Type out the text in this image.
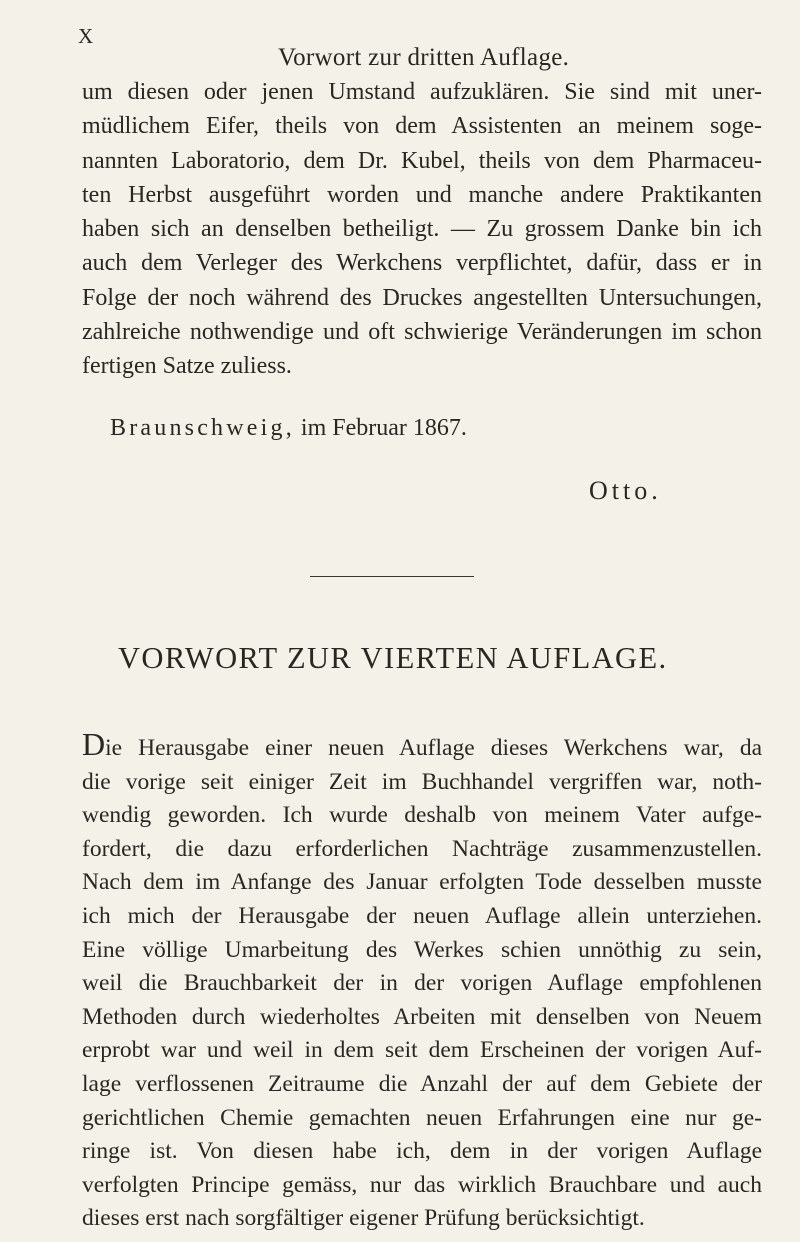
X
Vorwort zur dritten Auflage.
um diesen oder jenen Umstand aufzuklären. Sie sind mit uner-
müdlichem Eifer, theils von dem Assistenten an meinem soge-
nannten Laboratorio, dem Dr. Kubel, theils von dem Pharmaceu-
ten Herbst ausgeführt worden und manche andere Praktikanten
haben sich an denselben betheiligt. — Zu grossem Danke bin ich
auch dem Verleger des Werkchens verpflichtet, dafür, dass er in
Folge der noch während des Druckes angestellten Untersuchungen,
zahlreiche nothwendige und oft schwierige Veränderungen im schon
fertigen Satze zuliess.
Braunschweig, im Februar 1867.
Otto.
VORWORT ZUR VIERTEN AUFLAGE.
Die Herausgabe einer neuen Auflage dieses Werkchens war, da
die vorige seit einiger Zeit im Buchhandel vergriffen war, noth-
wendig geworden. Ich wurde deshalb von meinem Vater aufge-
fordert, die dazu erforderlichen Nachträge zusammenzustellen.
Nach dem im Anfange des Januar erfolgten Tode desselben musste
ich mich der Herausgabe der neuen Auflage allein unterziehen.
Eine völlige Umarbeitung des Werkes schien unnöthig zu sein,
weil die Brauchbarkeit der in der vorigen Auflage empfohlenen
Methoden durch wiederholtes Arbeiten mit denselben von Neuem
erprobt war und weil in dem seit dem Erscheinen der vorigen Auf-
lage verflossenen Zeitraume die Anzahl der auf dem Gebiete der
gerichtlichen Chemie gemachten neuen Erfahrungen eine nur ge-
ringe ist. Von diesen habe ich, dem in der vorigen Auflage
verfolgten Principe gemäss, nur das wirklich Brauchbare und auch
dieses erst nach sorgfältiger eigener Prüfung berücksichtigt.
